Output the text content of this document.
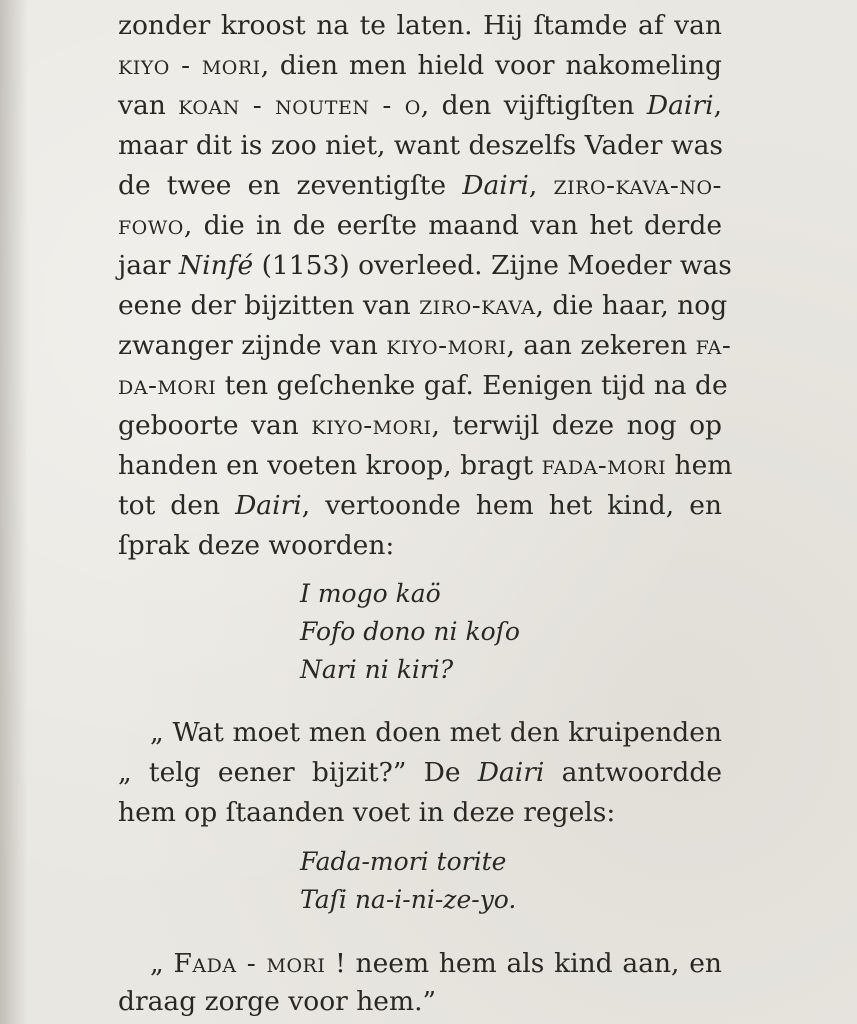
zonder kroost na te laten. Hij ſtamde af van
kiyo - mori, dien men hield voor nakomeling
van koan - nouten - o, den vijftigſten Dairi,
maar dit is zoo niet, want deszelfs Vader was
de twee en zeventigſte Dairi, ziro-kava-no-
fowo, die in de eerſte maand van het derde
jaar Ninfé (1153) overleed. Zijne Moeder was
eene der bijzitten van ziro-kava, die haar, nog
zwanger zijnde van kiyo-mori, aan zekeren fa-
da-mori ten geſchenke gaf. Eenigen tijd na de
geboorte van kiyo-mori, terwijl deze nog op
handen en voeten kroop, bragt fada-mori hem
tot den Dairi, vertoonde hem het kind, en
ſprak deze woorden:
I mogo kaö
Fofo dono ni koſo
Nari ni kiri?
„ Wat moet men doen met den kruipenden
„ telg eener bijzit?” De Dairi antwoordde
hem op ſtaanden voet in deze regels:
Fada-mori torite
Taſi na-i-ni-ze-yo.
„ Fada - mori ! neem hem als kind aan, en
draag zorge voor hem.”
